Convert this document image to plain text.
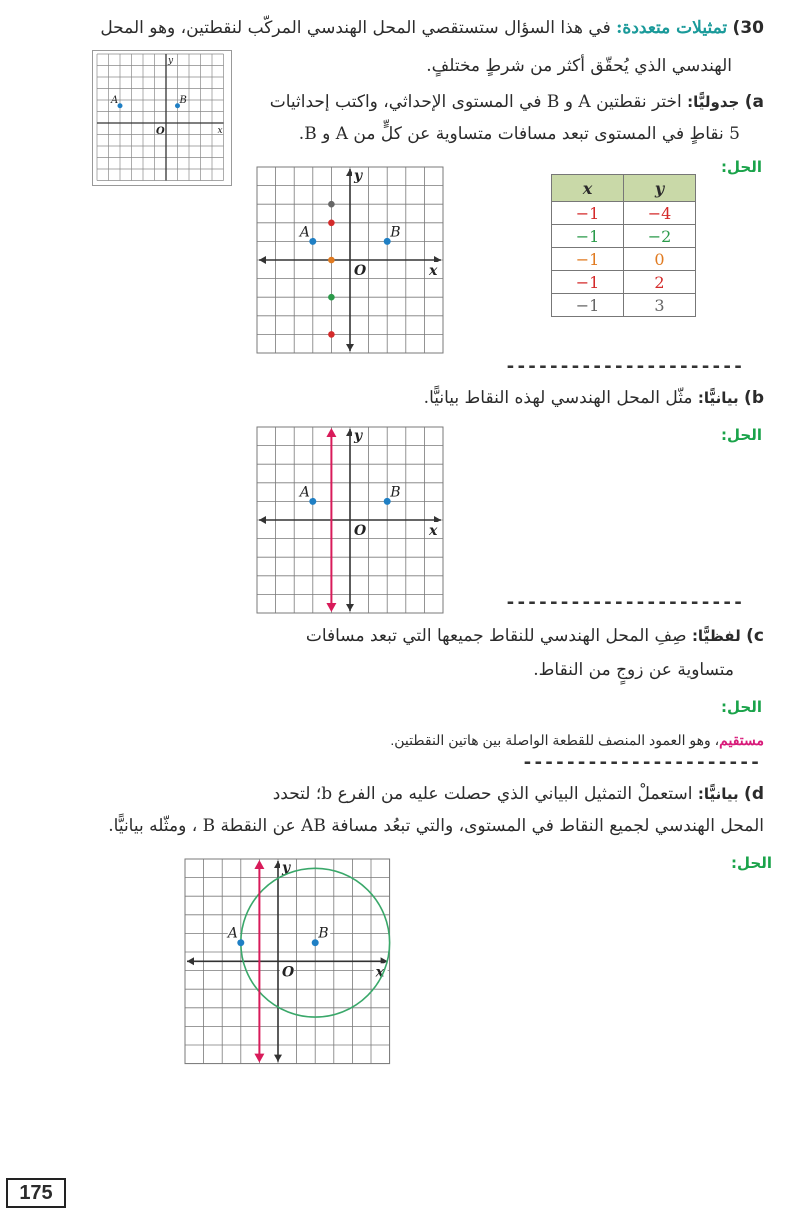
30) تمثيلات متعددة: في هذا السؤال ستستقصي المحل الهندسي المركّب لنقطتين، وهو المحل
الهندسي الذي يُحقّق أكثر من شرطٍ مختلفٍ.
A	B
O	x
y
a) جدوليًّا: اختر نقطتين A و B في المستوى الإحداثي، واكتب إحداثيات
5 نقاطٍ في المستوى تبعد مسافات متساوية عن كلٍّ من A و B.
الحل:
O	x
y
A	B
x	y
−1	−4
−1	−2
−1	0
−1	2
−1	3
----------------------
b) بيانيًّا: مثّل المحل الهندسي لهذه النقاط بيانيًّا.
الحل:
O	x
y
A	B
----------------------
c) لفظيًّا: صِفِ المحل الهندسي للنقاط جميعها التي تبعد مسافات
متساوية عن زوجٍ من النقاط.
الحل:
مستقيم، وهو العمود المنصف للقطعة الواصلة بين هاتين النقطتين.
----------------------
d) بيانيًّا: استعملْ التمثيل البياني الذي حصلت عليه من الفرع b؛ لتحدد
المحل الهندسي لجميع النقاط في المستوى، والتي تبعُد مسافة AB عن النقطة B ، ومثّله بيانيًّا.
الحل:
O	x
y
A	B
175
